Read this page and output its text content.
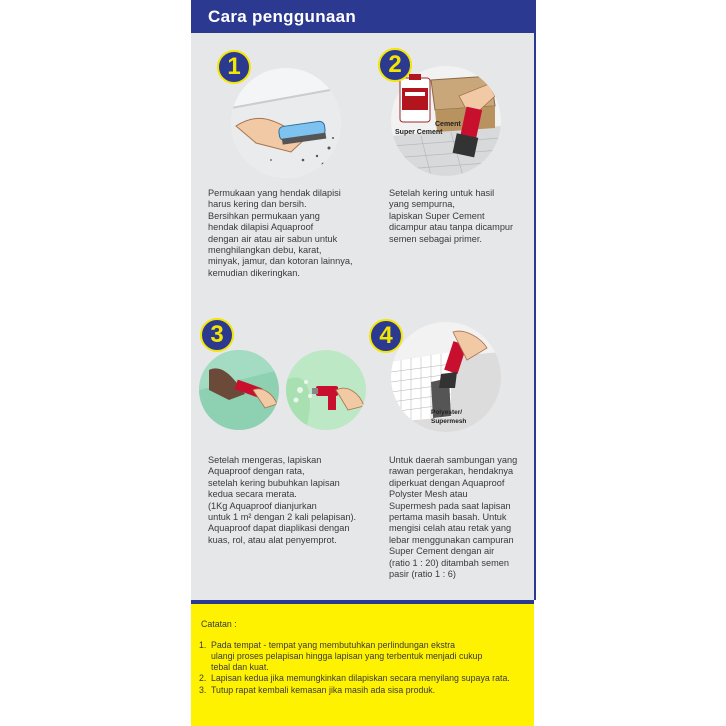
Cara penggunaan
1

Permukaan yang hendak dilapisi

harus kering dan bersih.

Bersihkan permukaan yang

hendak dilapisi Aquaproof

dengan air atau air sabun untuk

menghilangkan debu, karat,

minyak, jamur, dan kotoran lainnya,

kemudian dikeringkan.

Super Cement
Cement
2

Setelah kering untuk hasil

yang sempurna,

lapiskan Super Cement

dicampur atau tanpa dicampur

semen sebagai primer.

3

Setelah mengeras, lapiskan

Aquaproof dengan rata,

setelah kering bubuhkan lapisan

kedua secara merata.

(1Kg Aquaproof dianjurkan

untuk 1 m² dengan 2 kali pelapisan).

Aquaproof dapat diaplikasi dengan

kuas, rol, atau alat penyemprot.

Polyester/
Supermesh
4

Untuk daerah sambungan yang

rawan pergerakan, hendaknya

diperkuat dengan Aquaproof

Polyster Mesh atau

Supermesh pada saat lapisan

pertama masih basah. Untuk

mengisi celah atau retak yang

lebar menggunakan campuran

Super Cement dengan air

(ratio 1 : 20) ditambah semen

pasir (ratio 1 : 6)

Catatan :
1. Pada tempat - tempat yang membutuhkan perlindungan ekstra
ulangi proses pelapisan hingga lapisan yang terbentuk menjadi cukup
tebal dan kuat.
2. Lapisan kedua jika memungkinkan dilapiskan secara menyilang supaya rata.
3. Tutup rapat kembali kemasan jika masih ada sisa produk.
